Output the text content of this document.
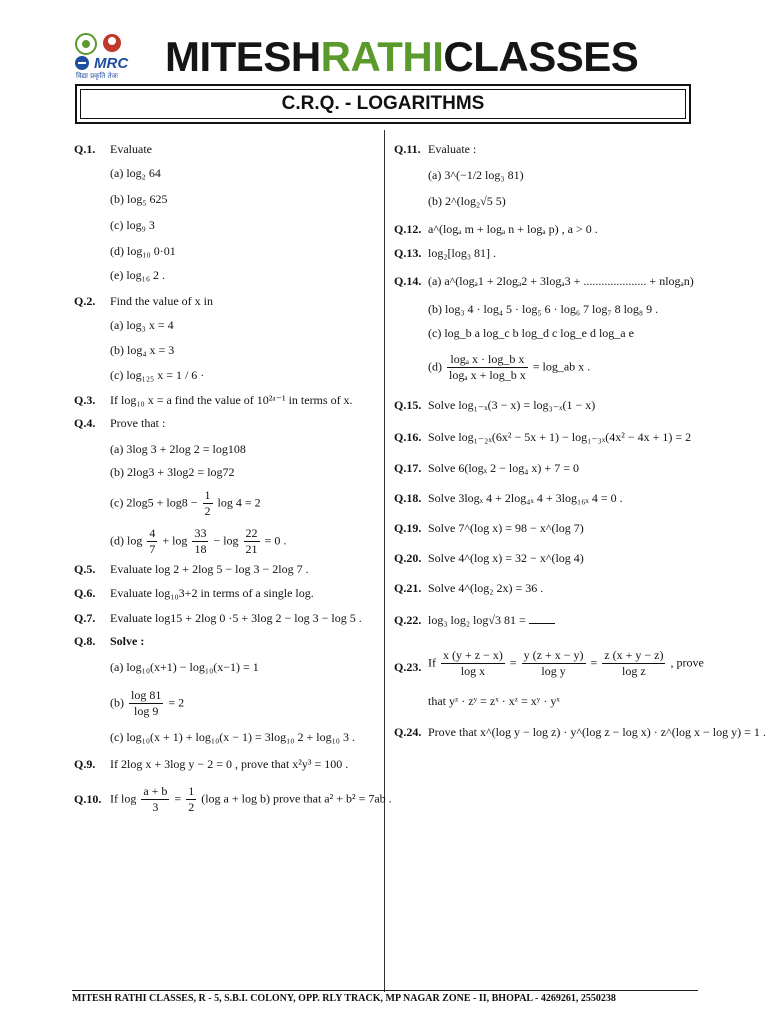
MRC
विद्या प्रकृति तेजः MITESHRATHICLASSES
C.R.Q. - LOGARITHMS
Q.1. Evaluate
(a) log₂ 64
(b) log₅ 625
(c) log₉ 3
(d) log₁₀ 0·01
(e) log₁₆ 2 .
Q.2. Find the value of x in
(a) log₃ x = 4
(b) log₄ x = 3
(c) log₁₂₅ x = 1 / 6 ·
Q.3. If log₁₀ x = a find the value of 10²ᵃ⁻¹ in terms of x.
Q.4. Prove that :
(a) 3log 3 + 2log 2 = log108
(b) 2log3 + 3log2 = log72
(c) $2\log 5 + \log 8 - \frac{1}{2}$ log 4 = 2
(d) $\log \frac{4}{7} + \log \frac{33}{18} - \log \frac{22}{21} = 0$ .
Q.5. Evaluate log 2 + 2log 5 − log 3 − 2log 7 .
Q.6. Evaluate log₁₀3+2 in terms of a single log.
Q.7. Evaluate log15 + 2log 0 ·5 + 3log 2 − log 3 − log 5 .
Q.8. Solve :
(a) log₁₀(x+1) − log₁₀(x−1) = 1
$(b) \frac{\log 81}{\log 9} = 2$
(c) log₁₀(x + 1) + log₁₀(x − 1) = 3log₁₀ 2 + log₁₀ 3 .
Q.9. If 2log x + 3log y − 2 = 0 , prove that x²y³ = 100 .
Q.10. If $\log \frac{a + b}{3} = \frac{1}{2} (\log$ a + log b) prove that a² + b² = 7ab .
Q.11. Evaluate :
(a) 3^(−1/2 log₃ 81)
(b) 2^(log₂√5 5)
Q.12. a^(logₐ m + logₐ n + logₐ p) , a > 0 .
Q.13. log₂[log₃ 81] .
Q.14. (a) a^(logₐ1 + 2logₐ2 + 3logₐ3 + ..................... + nlogₐn)
(b) log₃ 4 · log₄ 5 · log₅ 6 · log₆ 7 log₇ 8 log₈ 9 .
(c) log_b a log_c b log_d c log_e d log_a e
$(d) \frac{\text{logₐ x · log\_b x}}{\text{logₐ x + log\_b x}}$ = log_ab x .
Q.15. Solve log₁₋ₓ(3 − x) = log₃₋ₓ(1 − x)
Q.16. Solve log₁₋₂ₓ(6x² − 5x + 1) − log₁₋₃ₓ(4x² − 4x + 1) = 2
Q.17. Solve 6(logₓ 2 − log₄ x) + 7 = 0
Q.18. Solve 3logₓ 4 + 2log₄ₓ 4 + 3log₁₆ₓ 4 = 0 .
Q.19. Solve 7^(log x) = 98 − x^(log 7)
Q.20. Solve 4^(log x) = 32 − x^(log 4)
Q.21. Solve 4^(log₂ 2x) = 36 .
Q.22. log₃ log₂ log√3 81 =
Q.23. If $\frac{x (y + z - x)}{\text{log x}} = \frac{y (z + x - y)}{\text{log y}} = \frac{z (x + y - z)}{\text{log z}}$ , prove
that yᶻ · zʸ = zˣ · xᶻ = xʸ · yˣ
Q.24. Prove that x^(log y − log z) · y^(log z − log x) · z^(log x − log y) = 1 .
MITESH RATHI CLASSES, R - 5, S.B.I. COLONY, OPP. RLY TRACK, MP NAGAR ZONE - II, BHOPAL - 4269261, 2550238
